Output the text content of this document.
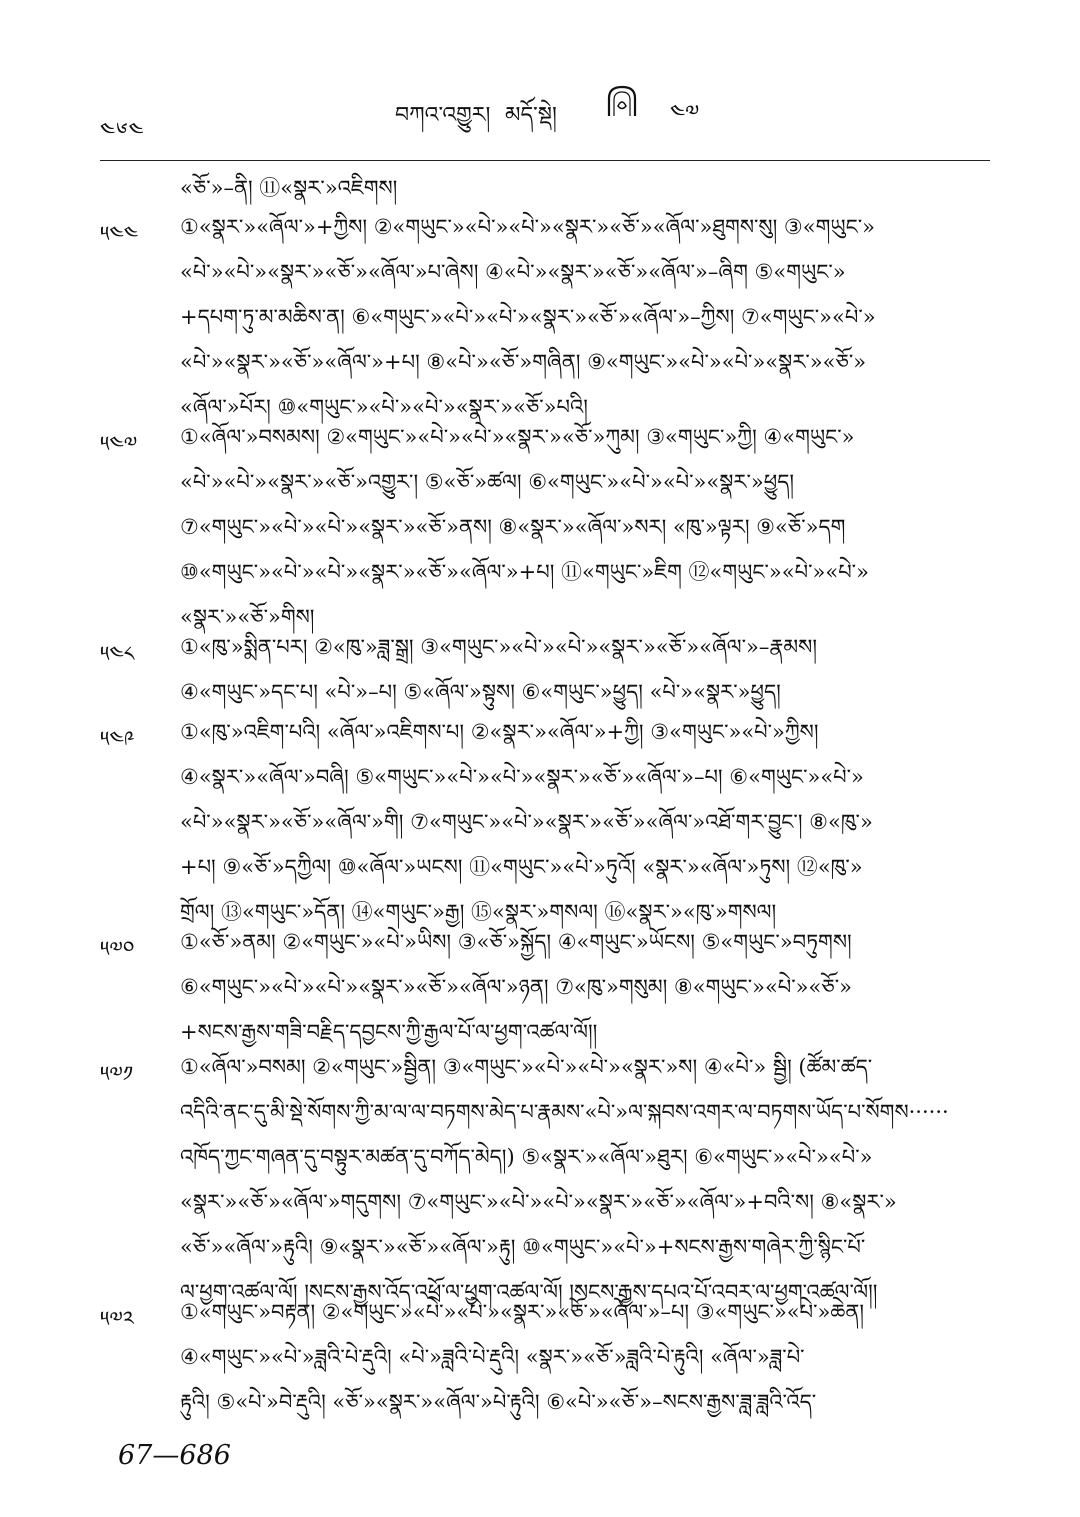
༤༦༤
བཀའ་འགྱུར། མདོ་སྡེ།	༤༧
«ཅོ་»–ནི། ⑪«སྣར་»འཇིགས།
༥༤༤	①«སྣར་»«ཞོལ་»+ཀྱིས། ②«གཡུང་»«པེ་»«པེ་»«སྣར་»«ཅོ་»«ཞོལ་»ཐུགས་སུ། ③«གཡུང་»
«པེ་»«པེ་»«སྣར་»«ཅོ་»«ཞོལ་»པ་ཞེས། ④«པེ་»«སྣར་»«ཅོ་»«ཞོལ་»–ཞིག ⑤«གཡུང་»
+དཔག་ཏུ་མ་མཆིས་ན། ⑥«གཡུང་»«པེ་»«པེ་»«སྣར་»«ཅོ་»«ཞོལ་»–ཀྱིས། ⑦«གཡུང་»«པེ་»
«པེ་»«སྣར་»«ཅོ་»«ཞོལ་»+པ། ⑧«པེ་»«ཅོ་»གཞིན། ⑨«གཡུང་»«པེ་»«པེ་»«སྣར་»«ཅོ་»
«ཞོལ་»པོར། ⑩«གཡུང་»«པེ་»«པེ་»«སྣར་»«ཅོ་»པའི།
༥༤༧	①«ཞོལ་»བསམས། ②«གཡུང་»«པེ་»«པེ་»«སྣར་»«ཅོ་»ཀུམ། ③«གཡུང་»ཀྱི། ④«གཡུང་»
«པེ་»«པེ་»«སྣར་»«ཅོ་»འགྱུར་། ⑤«ཅོ་»ཚལ། ⑥«གཡུང་»«པེ་»«པེ་»«སྣར་»ཕྱུད།
⑦«གཡུང་»«པེ་»«པེ་»«སྣར་»«ཅོ་»ནས། ⑧«སྣར་»«ཞོལ་»སར། «ཁུ་»ལྟར། ⑨«ཅོ་»དག
⑩«གཡུང་»«པེ་»«པེ་»«སྣར་»«ཅོ་»«ཞོལ་»+པ། ⑪«གཡུང་»ཇིག ⑫«གཡུང་»«པེ་»«པེ་»
«སྣར་»«ཅོ་»གིས།
༥༤༨	①«ཁུ་»སྨིན་པར། ②«ཁུ་»ཟླ་སྒྲ། ③«གཡུང་»«པེ་»«པེ་»«སྣར་»«ཅོ་»«ཞོལ་»–རྣམས།
④«གཡུང་»དང་པ། «པེ་»–པ། ⑤«ཞོལ་»སྟུས། ⑥«གཡུང་»ཕྱུད། «པེ་»«སྣར་»ཕྱུད།
༥༤༩	①«ཁུ་»འཇིག་པའི། «ཞོལ་»འཇིགས་པ། ②«སྣར་»«ཞོལ་»+ཀྱི། ③«གཡུང་»«པེ་»ཀྱིས།
④«སྣར་»«ཞོལ་»བཞི། ⑤«གཡུང་»«པེ་»«པེ་»«སྣར་»«ཅོ་»«ཞོལ་»–པ། ⑥«གཡུང་»«པེ་»
«པེ་»«སྣར་»«ཅོ་»«ཞོལ་»གི། ⑦«གཡུང་»«པེ་»«སྣར་»«ཅོ་»«ཞོལ་»འཐོ་གར་བྱུང་། ⑧«ཁུ་»
+པ། ⑨«ཅོ་»དཀྱིལ། ⑩«ཞོལ་»ཡངས། ⑪«གཡུང་»«པེ་»ཏུའོ། «སྣར་»«ཞོལ་»ཏུས། ⑫«ཁུ་»
གྲོལ། ⑬«གཡུང་»དོན། ⑭«གཡུང་»རྒྱ། ⑮«སྣར་»གསལ། ⑯«སྣར་»«ཁུ་»གསལ།
༥༧༠	①«ཅོ་»ནམ། ②«གཡུང་»«པེ་»ཡིས། ③«ཅོ་»སྐྱོད། ④«གཡུང་»ཡོངས། ⑤«གཡུང་»བཏུགས།
⑥«གཡུང་»«པེ་»«པེ་»«སྣར་»«ཅོ་»«ཞོལ་»ཉན། ⑦«ཁུ་»གསུམ། ⑧«གཡུང་»«པེ་»«ཅོ་»
+སངས་རྒྱས་གཟི་བརྗིད་དབྱངས་ཀྱི་རྒྱལ་པོ་ལ་ཕྱག་འཚལ་ལོ།།
༥༧༡	①«ཞོལ་»བསམ། ②«གཡུང་»སྦྱིན། ③«གཡུང་»«པེ་»«པེ་»«སྣར་»ས། ④«པེ་» སྦྱི། (ཚོམ་ཚད་
འདིའི་ནང་དུ་མི་སྡེ་སོགས་ཀྱི་མ་ལ་ལ་བཏགས་མེད་པ་རྣམས་«པེ་»ལ་སྐབས་འགར་ལ་བཏགས་ཡོད་པ་སོགས······
འཁོད་ཀྱང་གཞན་དུ་བསྟུར་མཚན་དུ་བཀོད་མེད།) ⑤«སྣར་»«ཞོལ་»ཐུར། ⑥«གཡུང་»«པེ་»«པེ་»
«སྣར་»«ཅོ་»«ཞོལ་»གདུགས། ⑦«གཡུང་»«པེ་»«པེ་»«སྣར་»«ཅོ་»«ཞོལ་»+བའི་ས། ⑧«སྣར་»
«ཅོ་»«ཞོལ་»རྟུའི། ⑨«སྣར་»«ཅོ་»«ཞོལ་»རྟུ། ⑩«གཡུང་»«པེ་»+སངས་རྒྱས་གཞེར་ཀྱི་སྙིང་པོ་
ལ་ཕྱག་འཚལ་ལོ། །སངས་རྒྱས་འོད་འཕྲོ་ལ་ཕྱག་འཚལ་ལོ། །སངས་རྒྱས་དཔའ་པོ་འབར་ལ་ཕྱག་འཚལ་ལོ།།
༥༧༢	①«གཡུང་»བརྟན། ②«གཡུང་»«པེ་»«པེ་»«སྣར་»«ཅོ་»«ཞོལ་»–པ། ③«གཡུང་»«པེ་»ཆེན།
④«གཡུང་»«པེ་»ཟླའི་པེ་རྡུའི། «པེ་»ཟླའི་པེ་རྡུའི། «སྣར་»«ཅོ་»ཟླའི་པེ་རྟུའི། «ཞོལ་»ཟླ་པེ་
རྟུའི། ⑤«པེ་»བེ་རྡུའི། «ཅོ་»«སྣར་»«ཞོལ་»པེ་རྟུའི། ⑥«པེ་»«ཅོ་»–སངས་རྒྱས་ཟླ་ཟླའི་འོད་
67—686
